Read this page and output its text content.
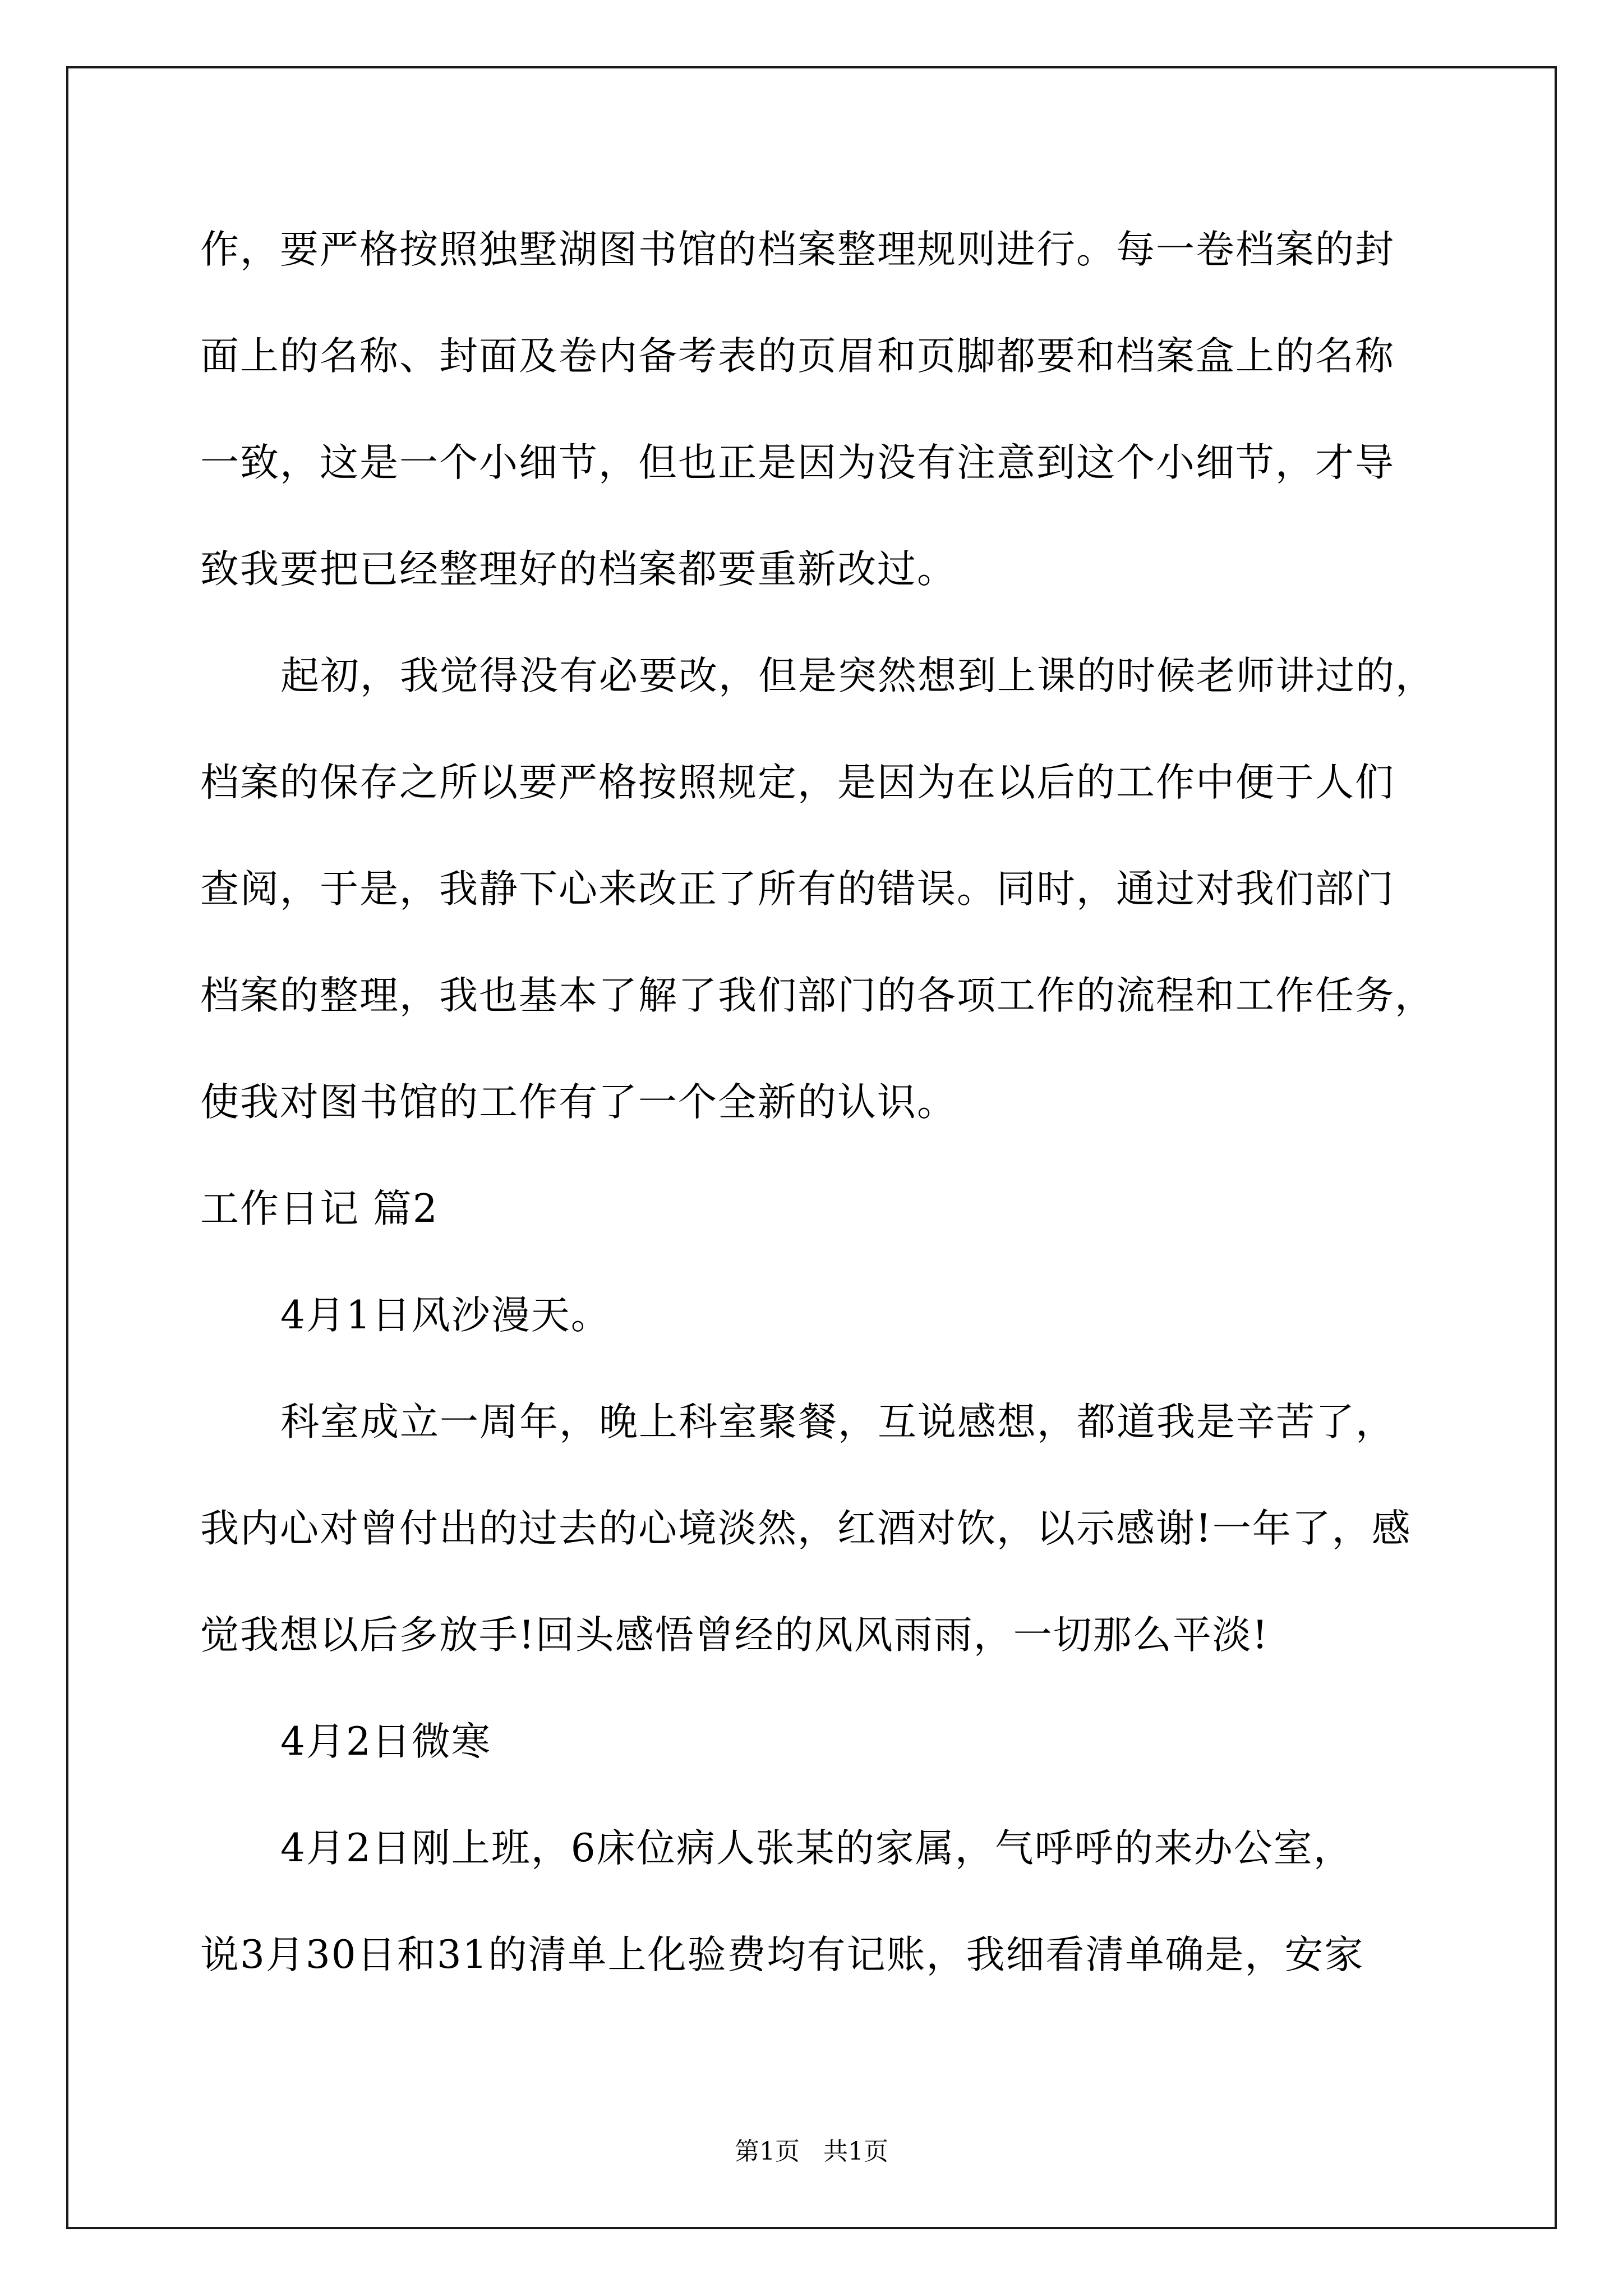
作，要严格按照独墅湖图书馆的档案整理规则进行。每一卷档案的封
面上的名称、封面及卷内备考表的页眉和页脚都要和档案盒上的名称
一致，这是一个小细节，但也正是因为没有注意到这个小细节，才导
致我要把已经整理好的档案都要重新改过。
起初，我觉得没有必要改，但是突然想到上课的时候老师讲过的，
档案的保存之所以要严格按照规定，是因为在以后的工作中便于人们
查阅，于是，我静下心来改正了所有的错误。同时，通过对我们部门
档案的整理，我也基本了解了我们部门的各项工作的流程和工作任务，
使我对图书馆的工作有了一个全新的认识。
工作日记 篇2
4月1日风沙漫天。
科室成立一周年，晚上科室聚餐，互说感想，都道我是辛苦了，
我内心对曾付出的过去的心境淡然，红酒对饮，以示感谢!一年了，感
觉我想以后多放手!回头感悟曾经的风风雨雨，一切那么平淡!
4月2日微寒
4月2日刚上班，6床位病人张某的家属，气呼呼的来办公室，
说3月30日和31的清单上化验费均有记账，我细看清单确是，安家
第1页   共1页
